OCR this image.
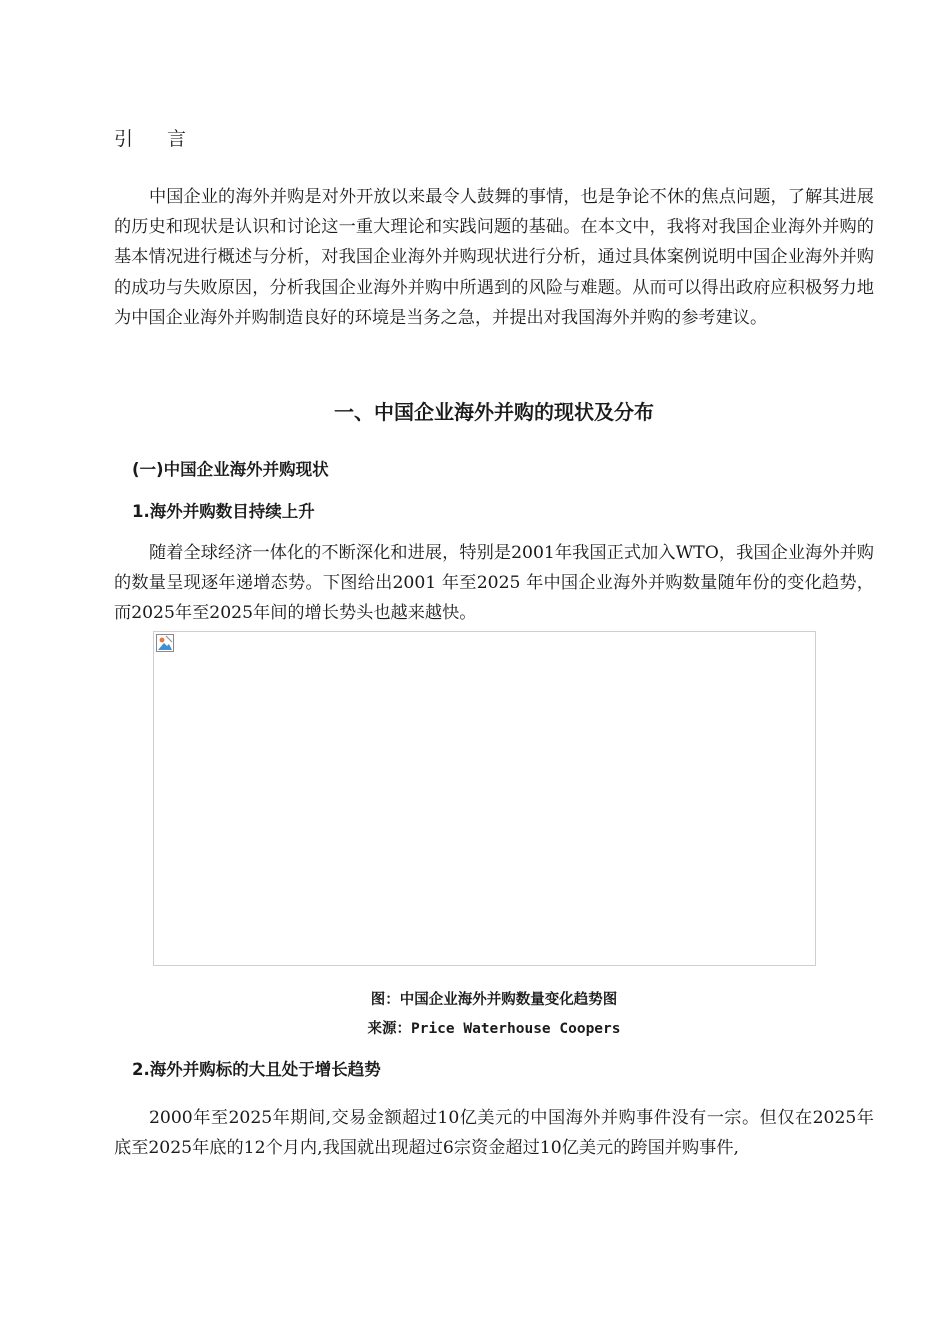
引 言

中国企业的海外并购是对外开放以来最令人鼓舞的事情，也是争论不休的焦点问题，了解其进展的历史和现状是认识和讨论这一重大理论和实践问题的基础。在本文中，我将对我国企业海外并购的基本情况进行概述与分析，对我国企业海外并购现状进行分析，通过具体案例说明中国企业海外并购的成功与失败原因，分析我国企业海外并购中所遇到的风险与难题。从而可以得出政府应积极努力地为中国企业海外并购制造良好的环境是当务之急，并提出对我国海外并购的参考建议。

一、中国企业海外并购的现状及分布
(一)中国企业海外并购现状
1.海外并购数目持续上升

随着全球经济一体化的不断深化和进展，特别是2001年我国正式加入WTO，我国企业海外并购的数量呈现逐年递增态势。下图给出2001 年至2025 年中国企业海外并购数量随年份的变化趋势，而2025年至2025年间的增长势头也越来越快。

图：中国企业海外并购数量变化趋势图
来源：Price Waterhouse Coopers
2.海外并购标的大且处于增长趋势

2000年至2025年期间,交易金额超过10亿美元的中国海外并购事件没有一宗。但仅在2025年底至2025年底的12个月内,我国就出现超过6宗资金超过10亿美元的跨国并购事件,
